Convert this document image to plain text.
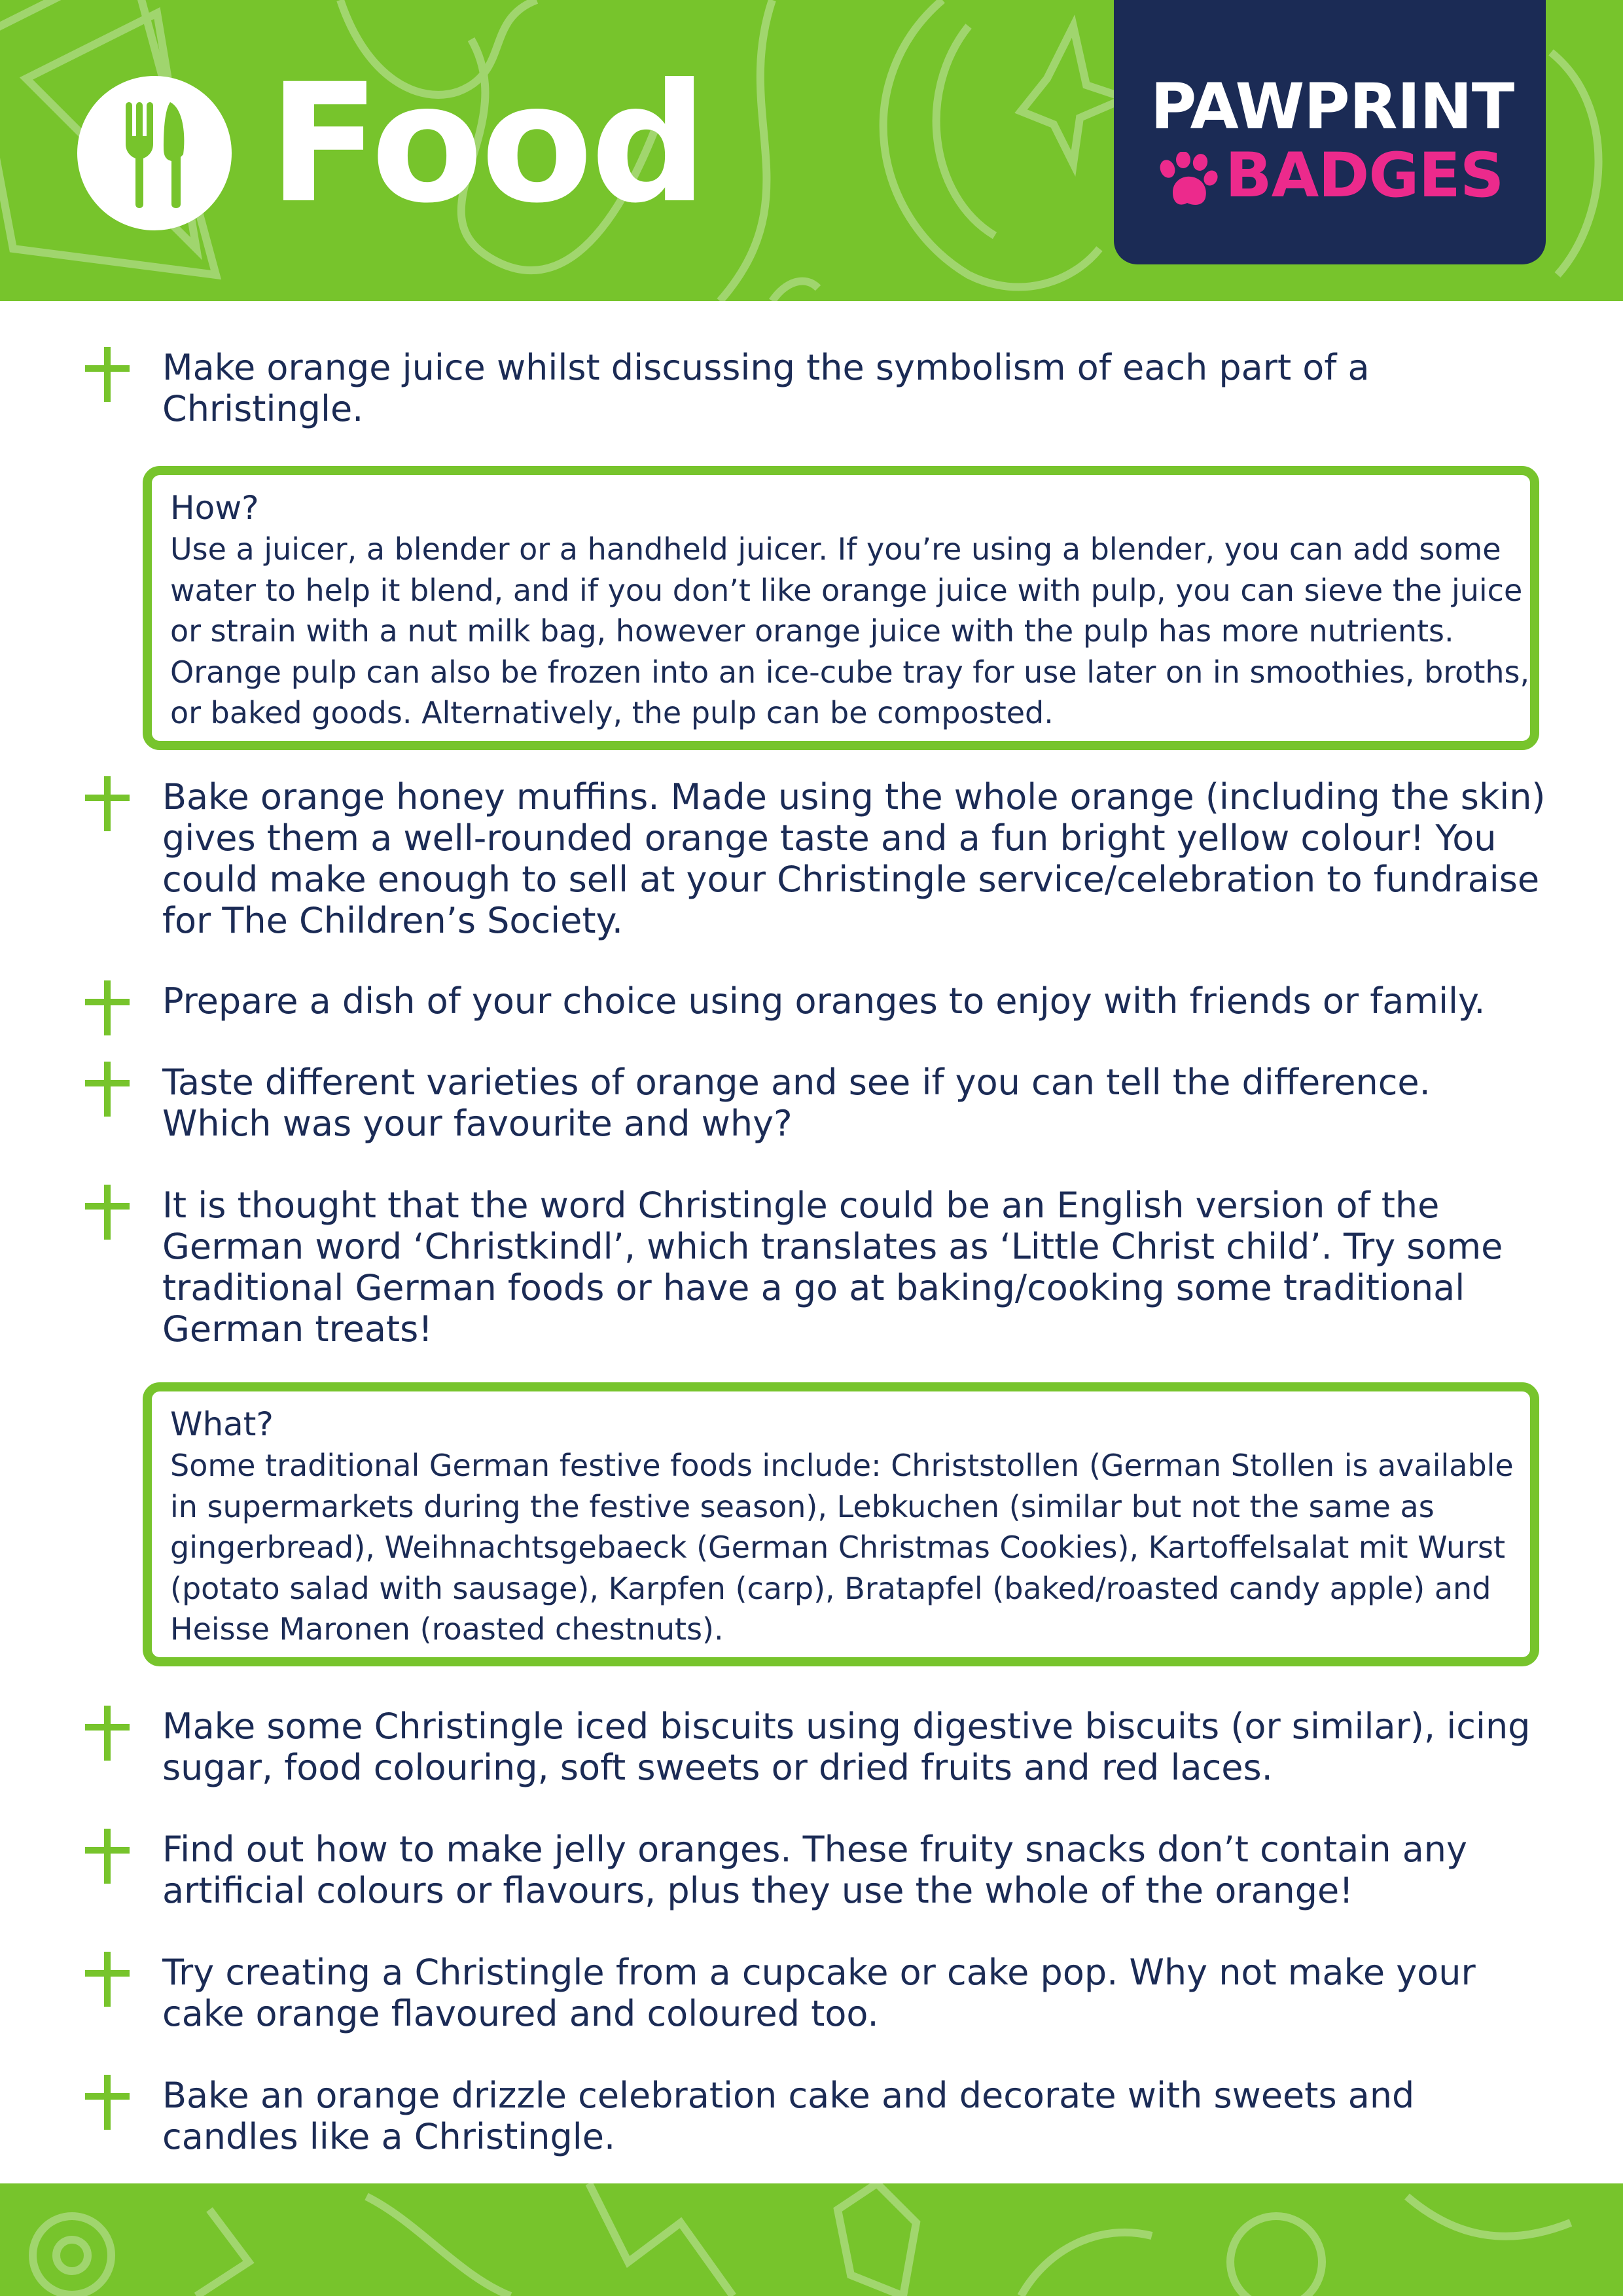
Food	PAWPRINT
BADGES
Make orange juice whilst discussing the symbolism of each part of a Christingle.
How?
Use a juicer, a blender or a handheld juicer. If you’re using a blender, you can add some water to help it blend, and if you don’t like orange juice with pulp, you can sieve the juice or strain with a nut milk bag, however orange juice with the pulp has more nutrients. Orange pulp can also be frozen into an ice-cube tray for use later on in smoothies, broths, or baked goods. Alternatively, the pulp can be composted.
Bake orange honey muffins. Made using the whole orange (including the skin) gives them a well-rounded orange taste and a fun bright yellow colour! You could make enough to sell at your Christingle service/celebration to fundraise for The Children’s Society.
Prepare a dish of your choice using oranges to enjoy with friends or family.
Taste different varieties of orange and see if you can tell the difference. Which was your favourite and why?
It is thought that the word Christingle could be an English version of the German word ‘Christkindl’, which translates as ‘Little Christ child’. Try some traditional German foods or have a go at baking/cooking some traditional German treats!
What?
Some traditional German festive foods include: Christstollen (German Stollen is available in supermarkets during the festive season), Lebkuchen (similar but not the same as gingerbread), Weihnachtsgebaeck (German Christmas Cookies), Kartoffelsalat mit Wurst (potato salad with sausage), Karpfen (carp), Bratapfel (baked/roasted candy apple) and Heisse Maronen (roasted chestnuts).
Make some Christingle iced biscuits using digestive biscuits (or similar), icing sugar, food colouring, soft sweets or dried fruits and red laces.
Find out how to make jelly oranges. These fruity snacks don’t contain any artificial colours or flavours, plus they use the whole of the orange!
Try creating a Christingle from a cupcake or cake pop. Why not make your cake orange flavoured and coloured too.
Bake an orange drizzle celebration cake and decorate with sweets and candles like a Christingle.
